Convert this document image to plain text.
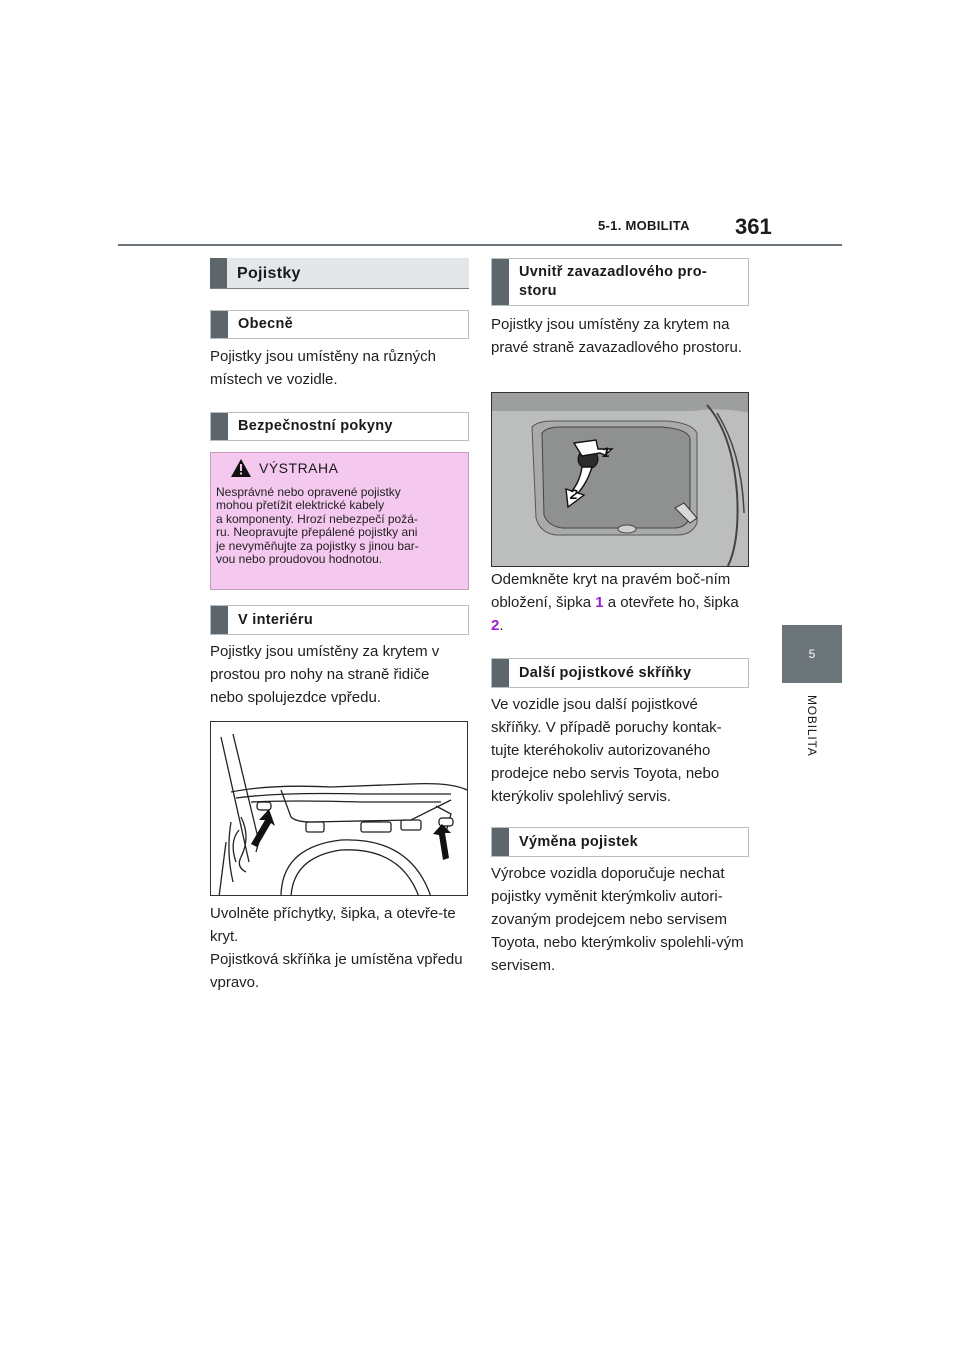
5-1. MOBILITA 361
5
MOBILITA
Pojistky
Obecně
Pojistky jsou umístěny na různých místech ve vozidle.
Bezpečnostní pokyny
VÝSTRAHA
Nesprávné nebo opravené pojistky
mohou přetížit elektrické kabely
a komponenty. Hrozí nebezpečí požá-
ru. Neopravujte přepálené pojistky ani
je nevyměňujte za pojistky s jinou bar-
vou nebo proudovou hodnotou.
V interiéru
Pojistky jsou umístěny za krytem v prostou pro nohy na straně řidiče nebo spolujezdce vpředu.
Uvolněte příchytky, šipka, a otevře-te kryt.
Pojistková skříňka je umístěna vpředu vpravo.
Uvnitř zavazadlového pro-
storu
Pojistky jsou umístěny za krytem na pravé straně zavazadlového prostoru.
1
2
Odemkněte kryt na pravém boč-ním obložení, šipka 1 a otevřete ho, šipka 2.
Další pojistkové skříňky
Ve vozidle jsou další pojistkové skříňky. V případě poruchy kontak-tujte kteréhokoliv autorizovaného prodejce nebo servis Toyota, nebo kterýkoliv spolehlivý servis.
Výměna pojistek
Výrobce vozidla doporučuje nechat pojistky vyměnit kterýmkoliv autori-zovaným prodejcem nebo servisem Toyota, nebo kterýmkoliv spolehli-vým servisem.
